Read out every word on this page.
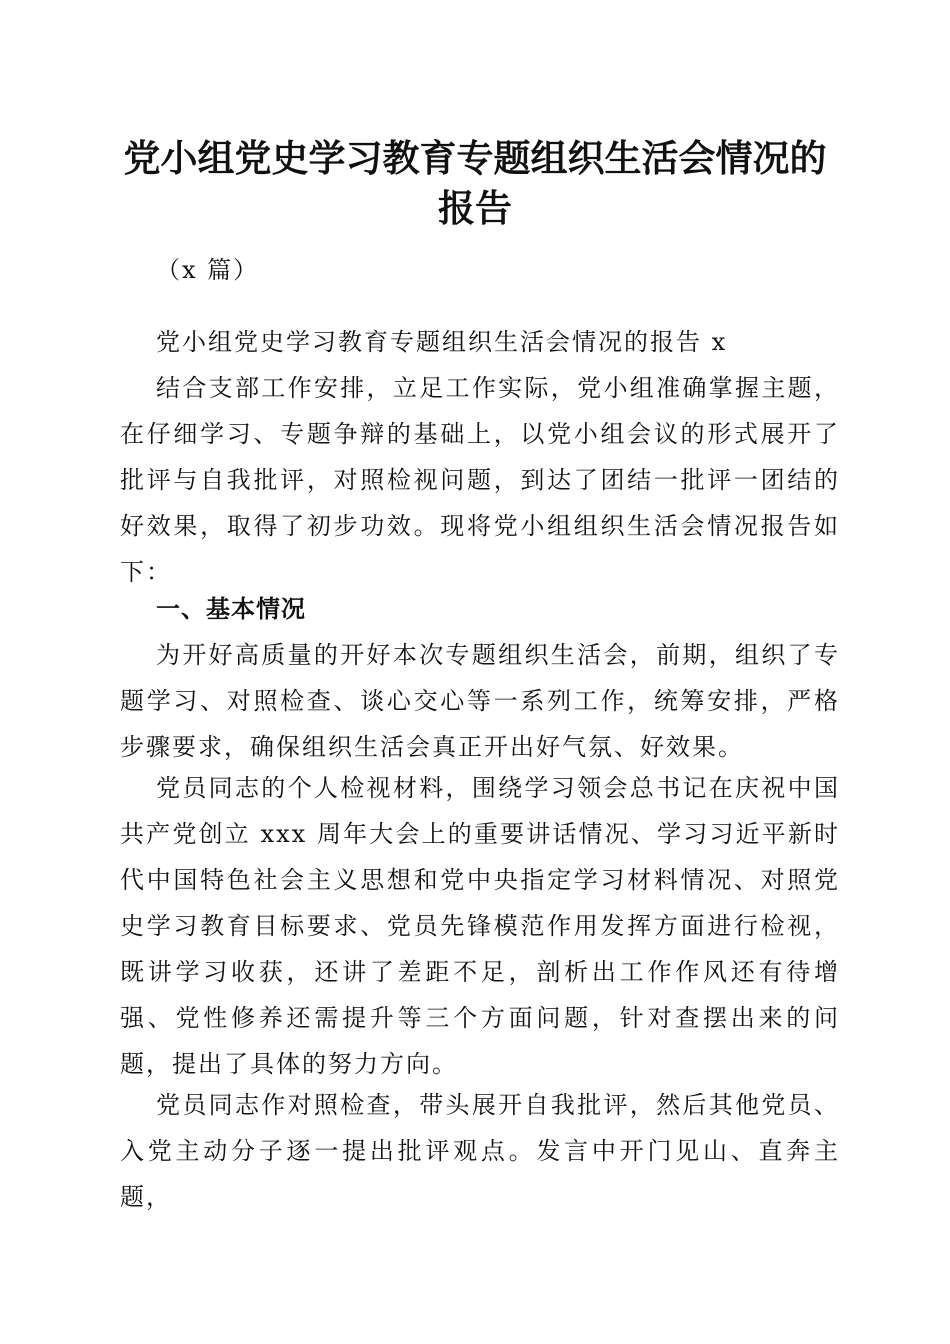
党小组党史学习教育专题组织生活会情况的报告

（x 篇）

党小组党史学习教育专题组织生活会情况的报告 x

结合支部工作安排，立足工作实际，党小组准确掌握主题，在仔细学习、专题争辩的基础上，以党小组会议的形式展开了批评与自我批评，对照检视问题，到达了团结一批评一团结的好效果，取得了初步功效。现将党小组组织生活会情况报告如下：

一、基本情况

为开好高质量的开好本次专题组织生活会，前期，组织了专题学习、对照检查、谈心交心等一系列工作，统筹安排，严格步骤要求，确保组织生活会真正开出好气氛、好效果。

党员同志的个人检视材料，围绕学习领会总书记在庆祝中国共产党创立 xxx 周年大会上的重要讲话情况、学习习近平新时代中国特色社会主义思想和党中央指定学习材料情况、对照党史学习教育目标要求、党员先锋模范作用发挥方面进行检视，既讲学习收获，还讲了差距不足，剖析出工作作风还有待增强、党性修养还需提升等三个方面问题，针对查摆出来的问题，提出了具体的努力方向。

党员同志作对照检查，带头展开自我批评，然后其他党员、入党主动分子逐一提出批评观点。发言中开门见山、直奔主题，
